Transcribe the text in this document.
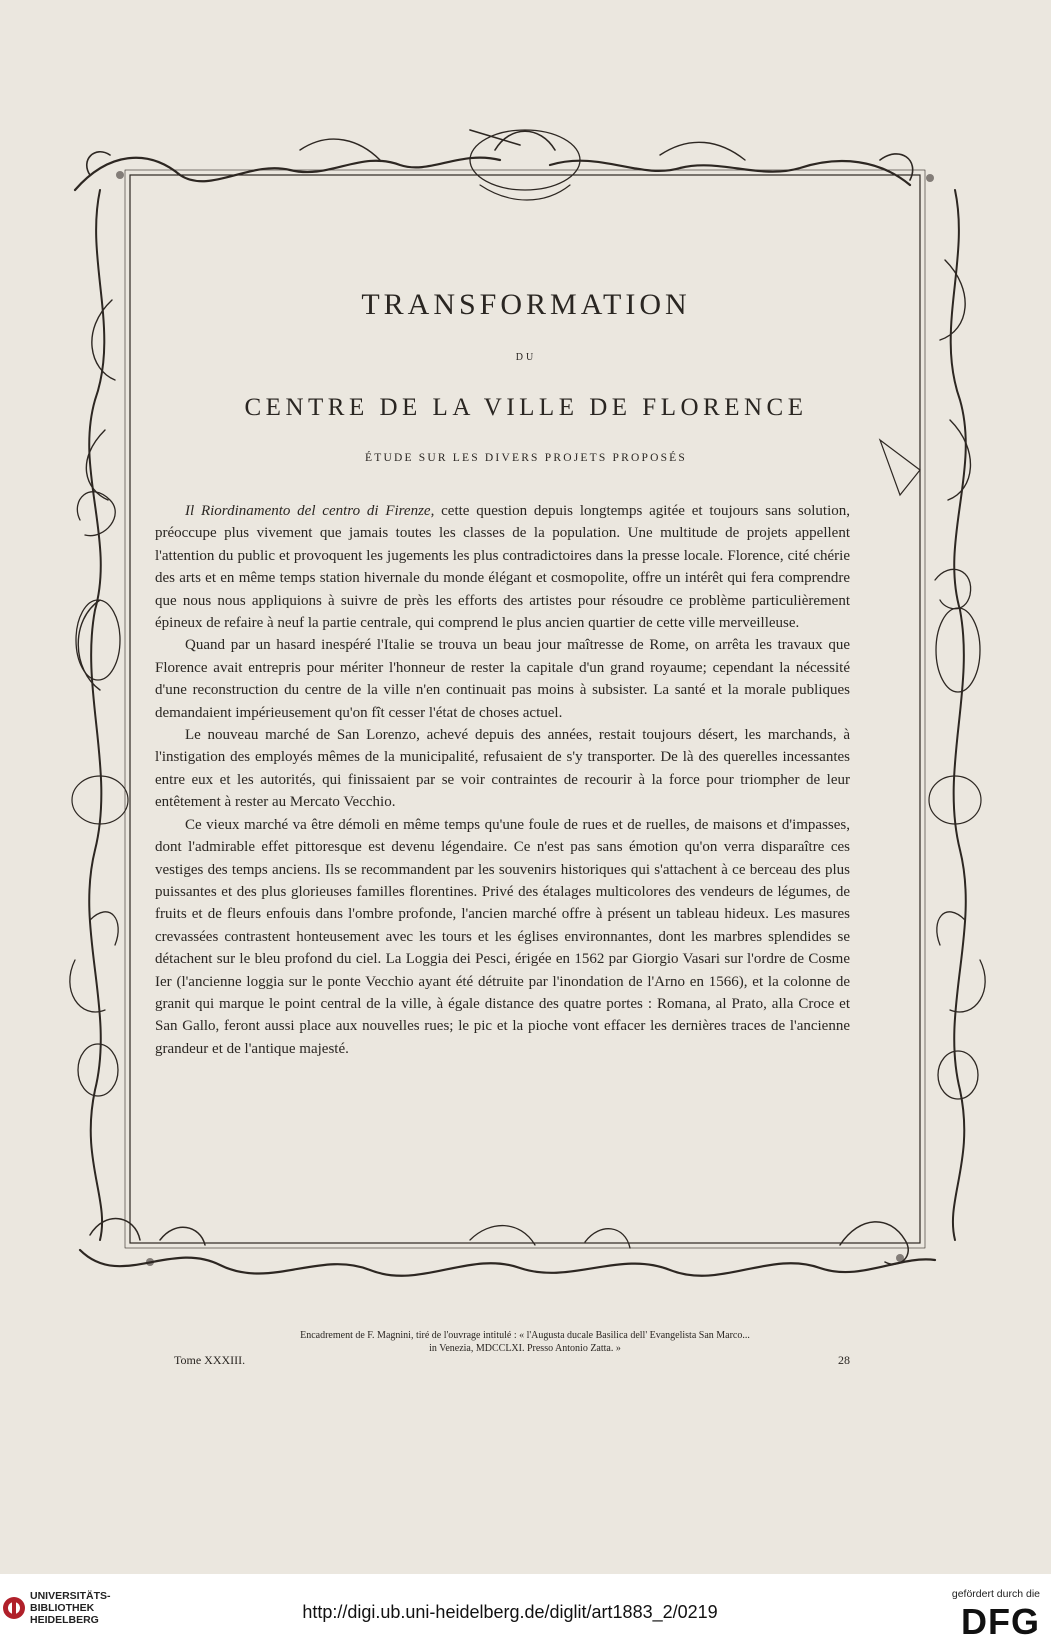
TRANSFORMATION
DU
CENTRE DE LA VILLE DE FLORENCE
ÉTUDE SUR LES DIVERS PROJETS PROPOSÉS

Il Riordinamento del centro di Firenze, cette question depuis longtemps agitée et toujours sans solution, préoccupe plus vivement que jamais toutes les classes de la population. Une multitude de projets appellent l'attention du public et provoquent les jugements les plus contradictoires dans la presse locale. Florence, cité chérie des arts et en même temps station hivernale du monde élégant et cosmopolite, offre un intérêt qui fera comprendre que nous nous appliquions à suivre de près les efforts des artistes pour résoudre ce problème particulièrement épineux de refaire à neuf la partie centrale, qui comprend le plus ancien quartier de cette ville merveilleuse.

Quand par un hasard inespéré l'Italie se trouva un beau jour maîtresse de Rome, on arrêta les travaux que Florence avait entrepris pour mériter l'honneur de rester la capitale d'un grand royaume; cependant la nécessité d'une reconstruction du centre de la ville n'en continuait pas moins à subsister. La santé et la morale publiques demandaient impérieusement qu'on fît cesser l'état de choses actuel.

Le nouveau marché de San Lorenzo, achevé depuis des années, restait toujours désert, les marchands, à l'instigation des employés mêmes de la municipalité, refusaient de s'y transporter. De là des querelles incessantes entre eux et les autorités, qui finissaient par se voir contraintes de recourir à la force pour triompher de leur entêtement à rester au Mercato Vecchio.

Ce vieux marché va être démoli en même temps qu'une foule de rues et de ruelles, de maisons et d'impasses, dont l'admirable effet pittoresque est devenu légendaire. Ce n'est pas sans émotion qu'on verra disparaître ces vestiges des temps anciens. Ils se recommandent par les souvenirs historiques qui s'attachent à ce berceau des plus puissantes et des plus glorieuses familles florentines. Privé des étalages multicolores des vendeurs de légumes, de fruits et de fleurs enfouis dans l'ombre profonde, l'ancien marché offre à présent un tableau hideux. Les masures crevassées contrastent honteusement avec les tours et les églises environnantes, dont les marbres splendides se détachent sur le bleu profond du ciel. La Loggia dei Pesci, érigée en 1562 par Giorgio Vasari sur l'ordre de Cosme Ier (l'ancienne loggia sur le ponte Vecchio ayant été détruite par l'inondation de l'Arno en 1566), et la colonne de granit qui marque le point central de la ville, à égale distance des quatre portes : Romana, al Prato, alla Croce et San Gallo, feront aussi place aux nouvelles rues; le pic et la pioche vont effacer les dernières traces de l'ancienne grandeur et de l'antique majesté.

Encadrement de F. Magnini, tiré de l'ouvrage intitulé : « l'Augusta ducale Basilica dell' Evangelista San Marco...
in Venezia, MDCCLXI. Presso Antonio Zatta. »
Tome XXXIII.	28
UNIVERSITÄTS-
BIBLIOTHEK
HEIDELBERG	http://digi.ub.uni-heidelberg.de/diglit/art1883_2/0219
gefördert durch die
DFG
